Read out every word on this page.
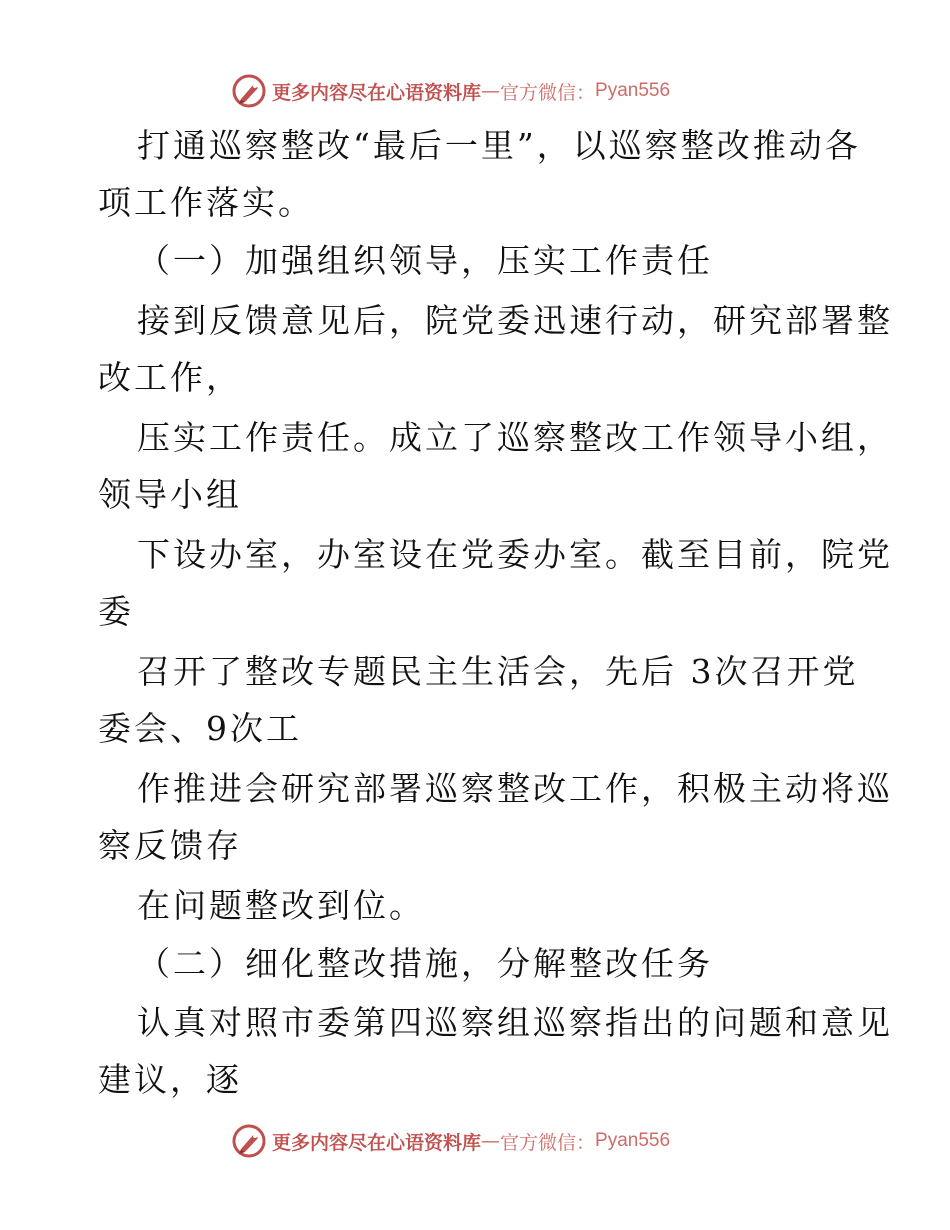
更多内容尽在心语资料库 — 官方微信： Pyan556
打通巡察整改“最后一里”，以巡察整改推动各
项工作落实。
（一）加强组织领导，压实工作责任
接到反馈意见后，院党委迅速行动，研究部署整
改工作，
压实工作责任。成立了巡察整改工作领导小组，
领导小组
下设办室，办室设在党委办室。截至目前，院党
委
召开了整改专题民主生活会，先后 3次召开党
委会、9次工
作推进会研究部署巡察整改工作，积极主动将巡
察反馈存
在问题整改到位。
（二）细化整改措施，分解整改任务
认真对照市委第四巡察组巡察指出的问题和意见
建议，逐
更多内容尽在心语资料库 — 官方微信： Pyan556
